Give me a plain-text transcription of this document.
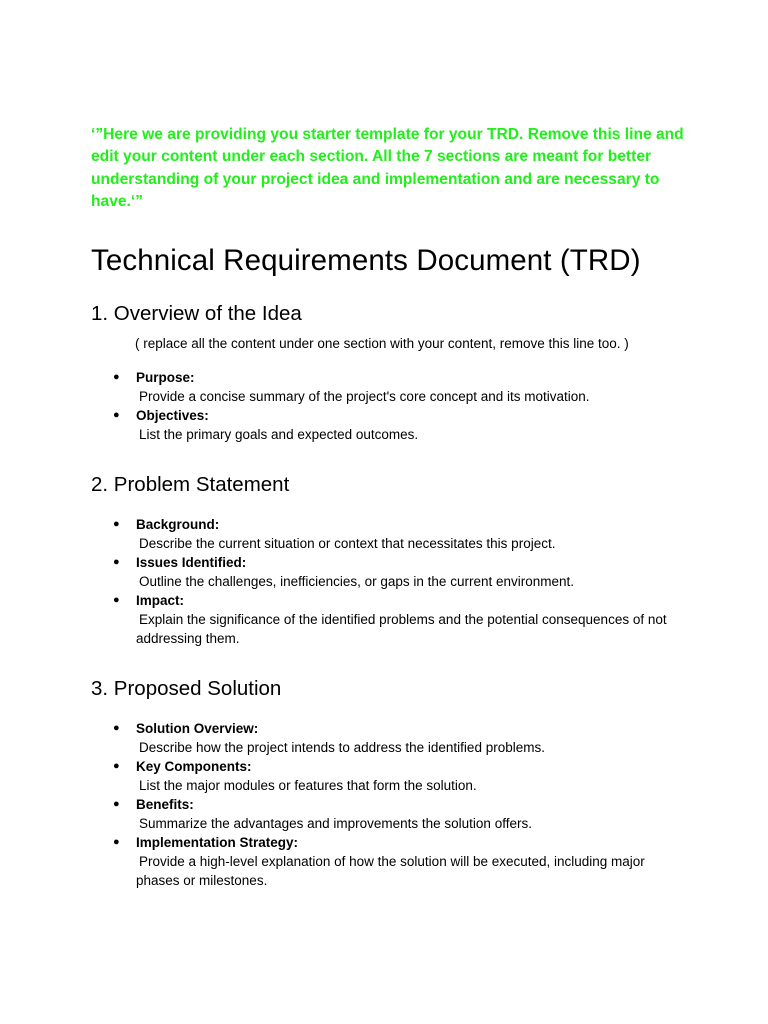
‘”Here we are providing you starter template for your TRD. Remove this line and edit your content under each section. All the 7 sections are meant for better understanding of your project idea and implementation and are necessary to have.‘”

Technical Requirements Document (TRD)
1. Overview of the Idea

( replace all the content under one section with your content, remove this line too. )

● Purpose:
Provide a concise summary of the project's core concept and its motivation.
● Objectives:
List the primary goals and expected outcomes.
2. Problem Statement
● Background:
Describe the current situation or context that necessitates this project.
● Issues Identified:
Outline the challenges, inefficiencies, or gaps in the current environment.
● Impact:
Explain the significance of the identified problems and the potential consequences of not addressing them.
3. Proposed Solution
● Solution Overview:
Describe how the project intends to address the identified problems.
● Key Components:
List the major modules or features that form the solution.
● Benefits:
Summarize the advantages and improvements the solution offers.
● Implementation Strategy:
Provide a high-level explanation of how the solution will be executed, including major phases or milestones.
